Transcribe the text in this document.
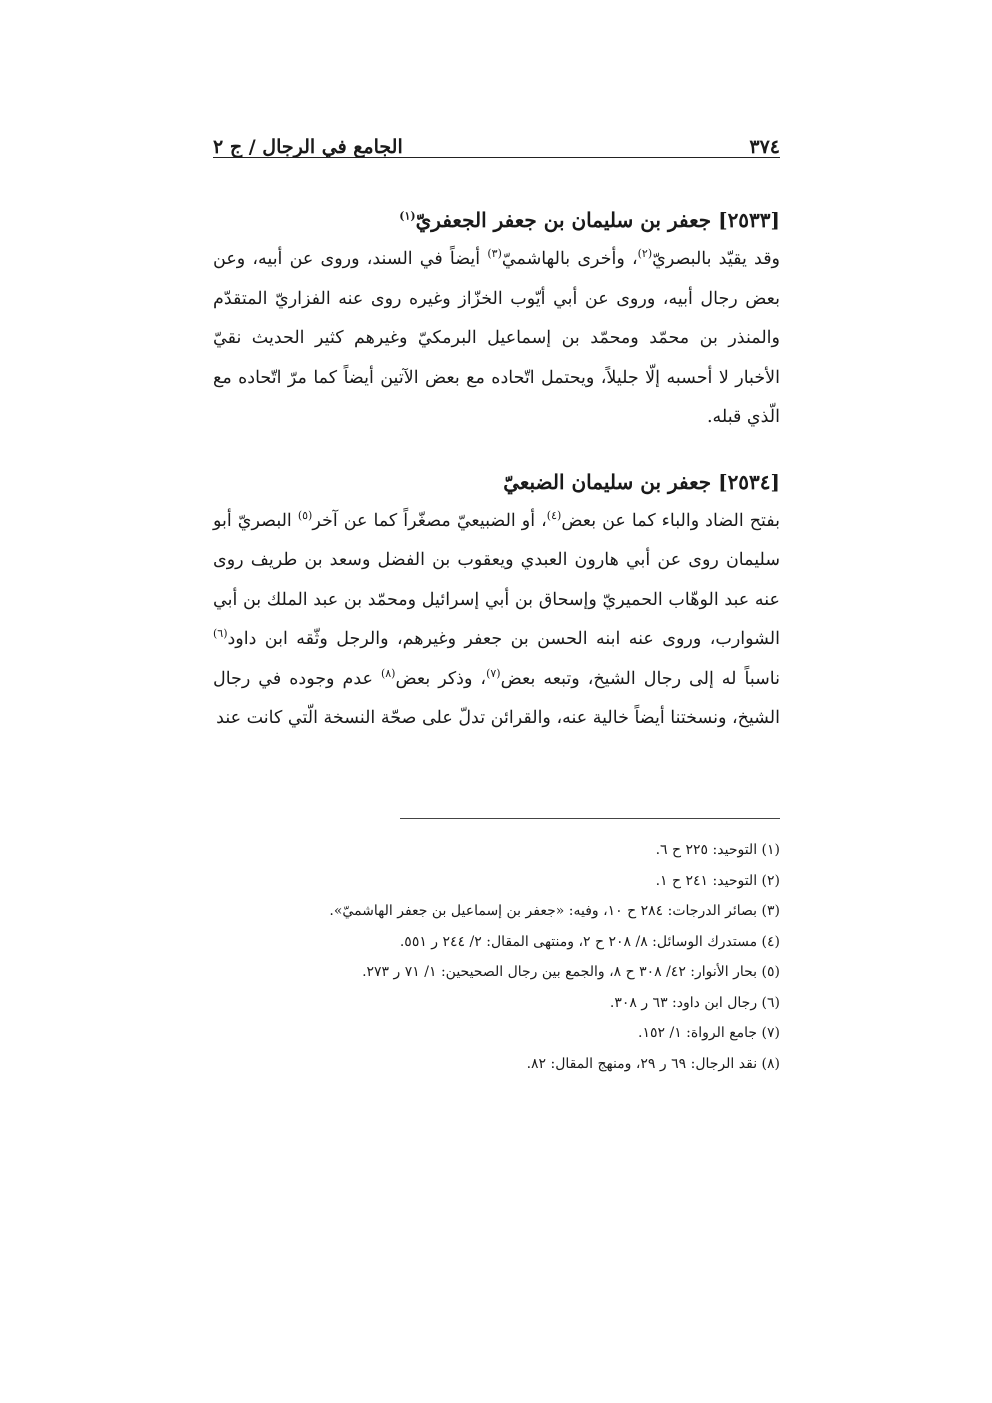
٣٧٤
الجامع في الرجال / ج ٢
[٢٥٣٣] جعفر بن سليمان بن جعفر الجعفريّ$^{(١)}$

وقد يقيّد بالبصريّ$^{(٢)}$، وأخرى بالهاشميّ$^{(٣)}$ أيضاً في السند، وروى عن أبيه، وعن بعض رجال أبيه، وروى عن أبي أيّوب الخزّاز وغيره روى عنه الفزاريّ المتقدّم والمنذر بن محمّد ومحمّد بن إسماعيل البرمكيّ وغيرهم كثير الحديث نقيّ الأخبار لا أحسبه إلّا جليلاً، ويحتمل اتّحاده مع بعض الآتين أيضاً كما مرّ اتّحاده مع الّذي قبله.

[٢٥٣٤] جعفر بن سليمان الضبعيّ

بفتح الضاد والباء كما عن بعض$^{(٤)}$، أو الضبيعيّ مصغّراً كما عن آخر$^{(٥)}$ البصريّ أبو سليمان روى عن أبي هارون العبدي ويعقوب بن الفضل وسعد بن طريف روى عنه عبد الوهّاب الحميريّ وإسحاق بن أبي إسرائيل ومحمّد بن عبد الملك بن أبي الشوارب، وروى عنه ابنه الحسن بن جعفر وغيرهم، والرجل وثّقه ابن داود$^{(٦)}$ ناسباً له إلى رجال الشيخ، وتبعه بعض$^{(٧)}$، وذكر بعض$^{(٨)}$ عدم وجوده في رجال الشيخ، ونسختنا أيضاً خالية عنه، والقرائن تدلّ على صحّة النسخة الّتي كانت عند

(١) التوحيد: ٢٢٥ ح ٦.
(٢) التوحيد: ٢٤١ ح ١.
(٣) بصائر الدرجات: ٢٨٤ ح ١٠، وفيه: «جعفر بن إسماعيل بن جعفر الهاشميّ».
(٤) مستدرك الوسائل: ٨/ ٢٠٨ ح ٢، ومنتهى المقال: ٢/ ٢٤٤ ر ٥٥١.
(٥) بحار الأنوار: ٤٢/ ٣٠٨ ح ٨، والجمع بين رجال الصحيحين: ١/ ٧١ ر ٢٧٣.
(٦) رجال ابن داود: ٦٣ ر ٣٠٨.
(٧) جامع الرواة: ١/ ١٥٢.
(٨) نقد الرجال: ٦٩ ر ٢٩، ومنهج المقال: ٨٢.
